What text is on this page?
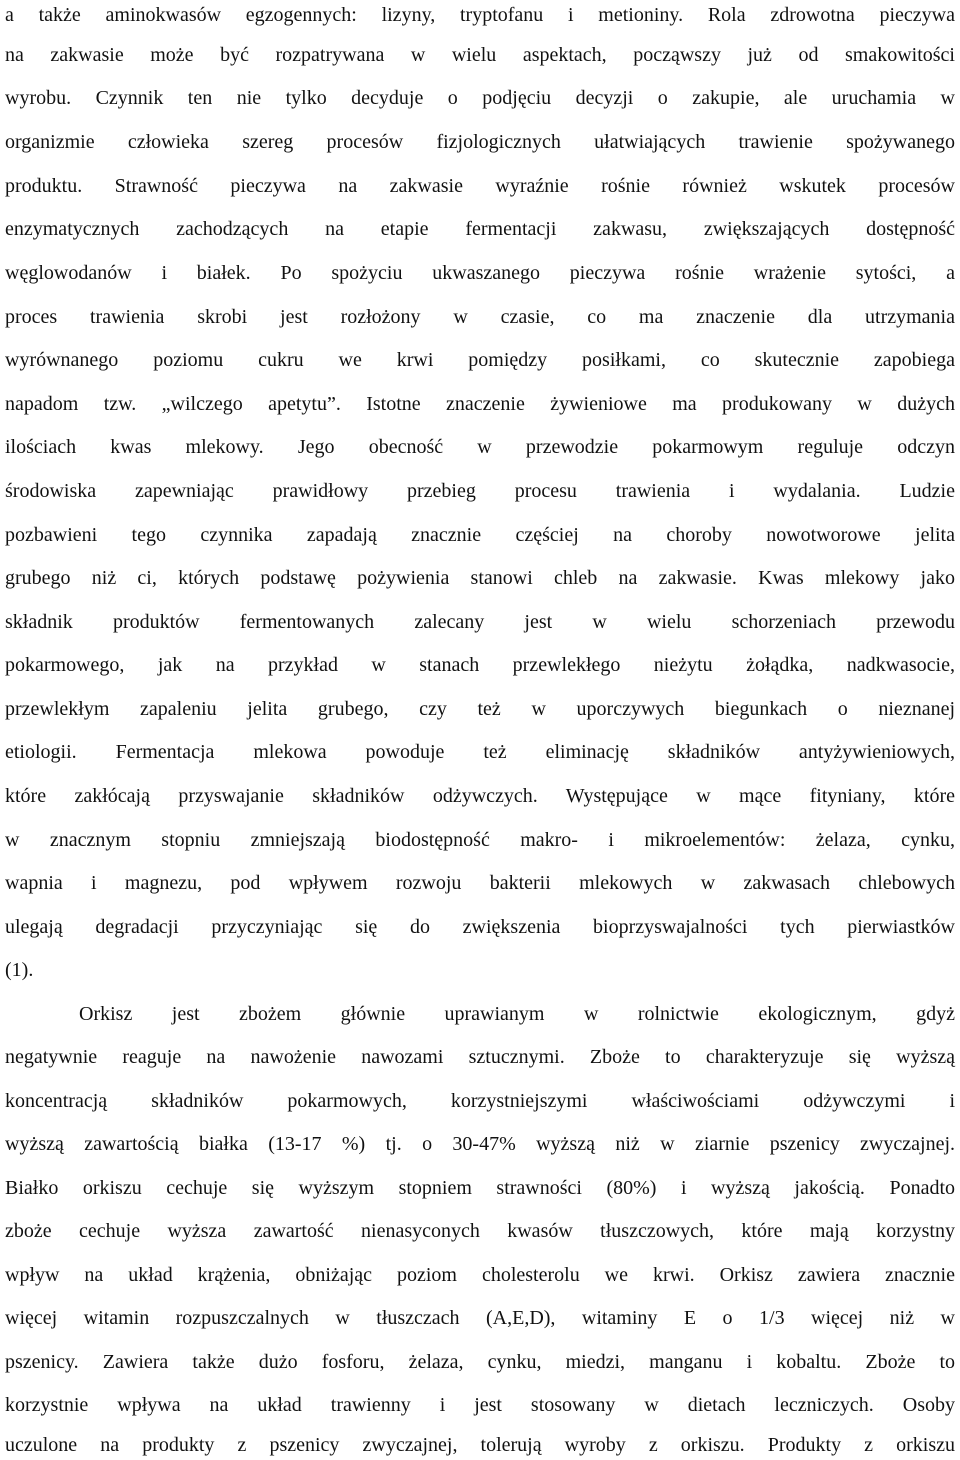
a także aminokwasów egzogennych: lizyny, tryptofanu i metioniny. Rola zdrowotna pieczywa
na zakwasie może być rozpatrywana w wielu aspektach, począwszy już od smakowitości
wyrobu. Czynnik ten nie tylko decyduje o podjęciu decyzji o zakupie, ale uruchamia w
organizmie człowieka szereg procesów fizjologicznych ułatwiających trawienie spożywanego
produktu. Strawność pieczywa na zakwasie wyraźnie rośnie również wskutek procesów
enzymatycznych zachodzących na etapie fermentacji zakwasu, zwiększających dostępność
węglowodanów i białek. Po spożyciu ukwaszanego pieczywa rośnie wrażenie sytości, a
proces trawienia skrobi jest rozłożony w czasie, co ma znaczenie dla utrzymania
wyrównanego poziomu cukru we krwi pomiędzy posiłkami, co skutecznie zapobiega
napadom tzw. „wilczego apetytu”. Istotne znaczenie żywieniowe ma produkowany w dużych
ilościach kwas mlekowy. Jego obecność w przewodzie pokarmowym reguluje odczyn
środowiska zapewniając prawidłowy przebieg procesu trawienia i wydalania. Ludzie
pozbawieni tego czynnika zapadają znacznie częściej na choroby nowotworowe jelita
grubego niż ci, których podstawę pożywienia stanowi chleb na zakwasie. Kwas mlekowy jako
składnik produktów fermentowanych zalecany jest w wielu schorzeniach przewodu
pokarmowego, jak na przykład w stanach przewlekłego nieżytu żołądka, nadkwasocie,
przewlekłym zapaleniu jelita grubego, czy też w uporczywych biegunkach o nieznanej
etiologii. Fermentacja mlekowa powoduje też eliminację składników antyżywieniowych,
które zakłócają przyswajanie składników odżywczych. Występujące w mące fityniany, które
w znacznym stopniu zmniejszają biodostępność makro- i mikroelementów: żelaza, cynku,
wapnia i magnezu, pod wpływem rozwoju bakterii mlekowych w zakwasach chlebowych
ulegają degradacji przyczyniając się do zwiększenia bioprzyswajalności tych pierwiastków
(1).
Orkisz jest zbożem głównie uprawianym w rolnictwie ekologicznym, gdyż
negatywnie reaguje na nawożenie nawozami sztucznymi. Zboże to charakteryzuje się wyższą
koncentracją składników pokarmowych, korzystniejszymi właściwościami odżywczymi i
wyższą zawartością białka (13-17 %) tj. o 30-47% wyższą niż w ziarnie pszenicy zwyczajnej.
Białko orkiszu cechuje się wyższym stopniem strawności (80%) i wyższą jakością. Ponadto
zboże cechuje wyższa zawartość nienasyconych kwasów tłuszczowych, które mają korzystny
wpływ na układ krążenia, obniżając poziom cholesterolu we krwi. Orkisz zawiera znacznie
więcej witamin rozpuszczalnych w tłuszczach (A,E,D), witaminy E o 1/3 więcej niż w
pszenicy. Zawiera także dużo fosforu, żelaza, cynku, miedzi, manganu i kobaltu. Zboże to
korzystnie wpływa na układ trawienny i jest stosowany w dietach leczniczych. Osoby
uczulone na produkty z pszenicy zwyczajnej, tolerują wyroby z orkiszu. Produkty z orkiszu
